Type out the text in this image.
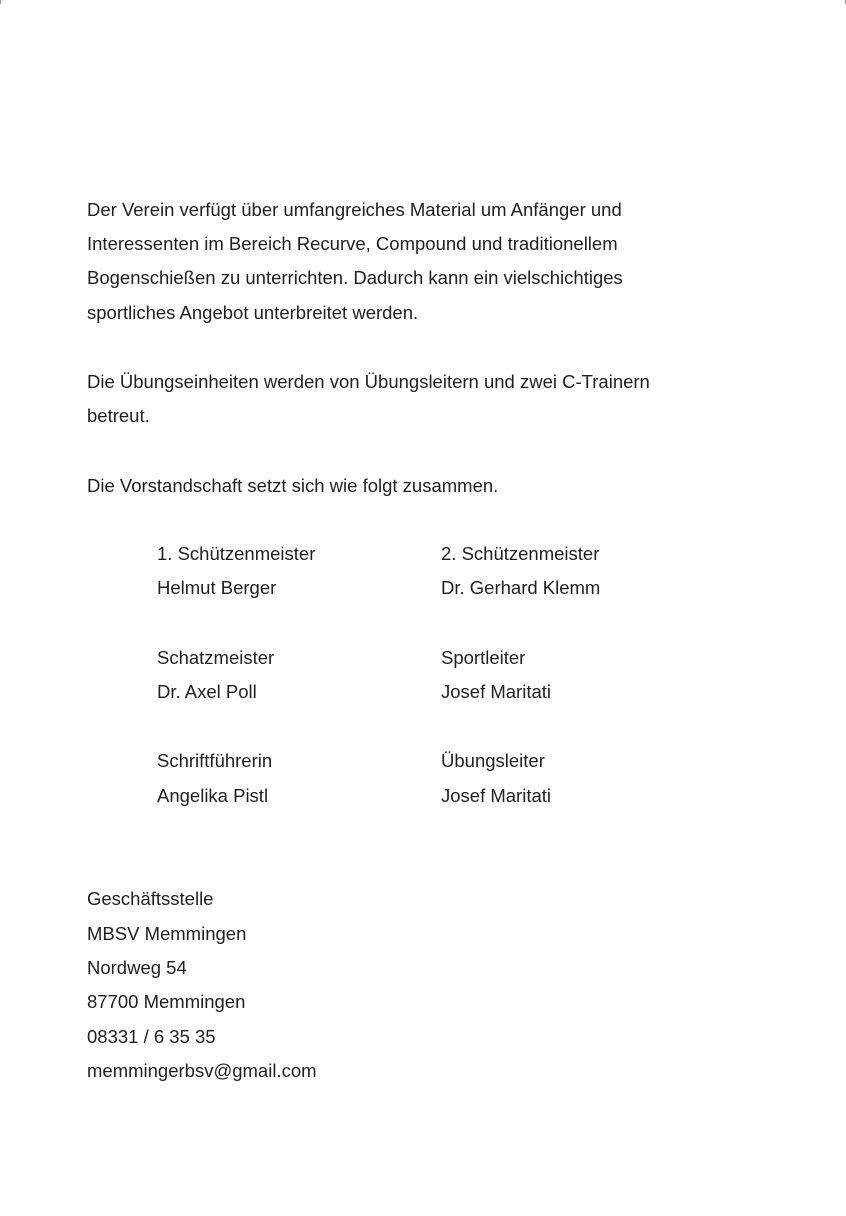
Der Verein verfügt über umfangreiches Material um Anfänger und
Interessenten im Bereich Recurve, Compound und traditionellem
Bogenschießen zu unterrichten. Dadurch kann ein vielschichtiges
sportliches Angebot unterbreitet werden.
Die Übungseinheiten werden von Übungsleitern und zwei C-Trainern
betreut.
Die Vorstandschaft setzt sich wie folgt zusammen.
1. Schützenmeister
Helmut Berger
2. Schützenmeister
Dr. Gerhard Klemm
Schatzmeister
Dr. Axel Poll
Sportleiter
Josef Maritati
Schriftführerin
Angelika Pistl
Übungsleiter
Josef Maritati
Geschäftsstelle
MBSV Memmingen
Nordweg 54
87700 Memmingen
08331 / 6 35 35
memmingerbsv@gmail.com
